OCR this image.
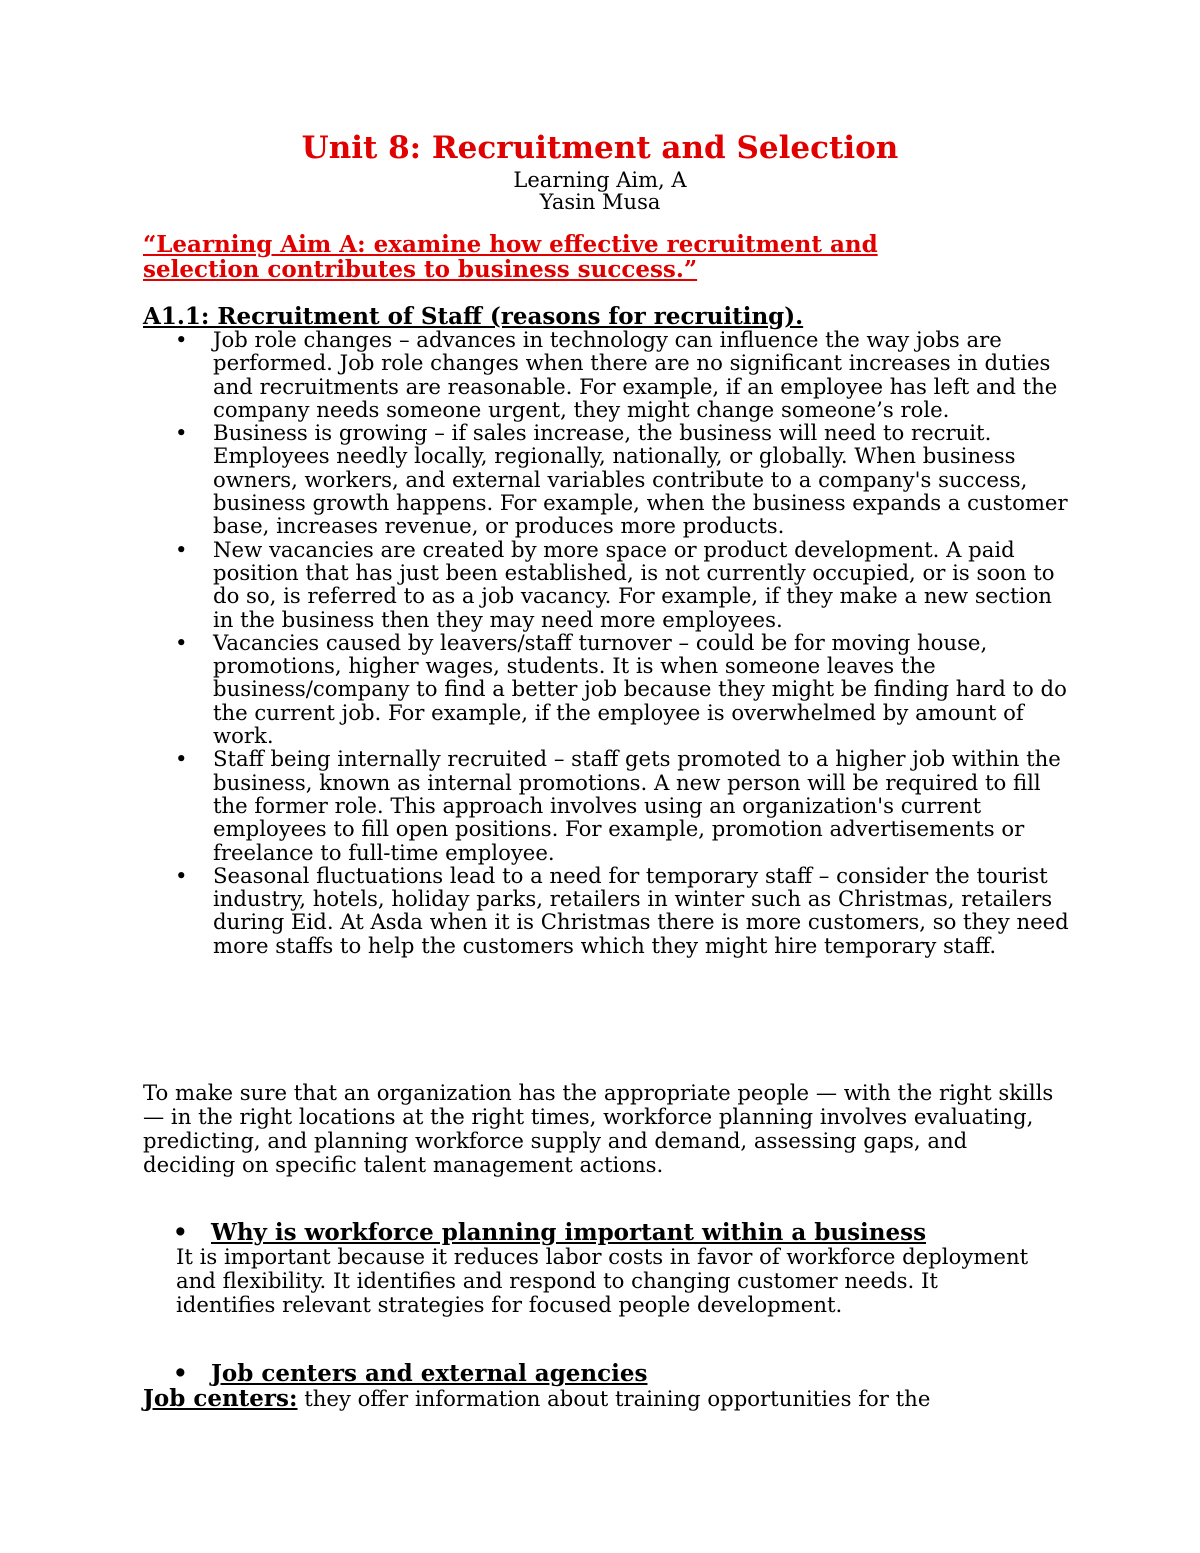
Unit 8: Recruitment and Selection
Learning Aim, A
Yasin Musa
“Learning Aim A: examine how effective recruitment and selection contributes to business success.”
A1.1: Recruitment of Staff (reasons for recruiting).
• Job role changes – advances in technology can influence the way jobs are performed. Job role changes when there are no significant increases in duties and recruitments are reasonable. For example, if an employee has left and the company needs someone urgent, they might change someone’s role.
• Business is growing – if sales increase, the business will need to recruit. Employees needly locally, regionally, nationally, or globally. When business owners, workers, and external variables contribute to a company's success, business growth happens. For example, when the business expands a customer base, increases revenue, or produces more products.
• New vacancies are created by more space or product development. A paid position that has just been established, is not currently occupied, or is soon to do so, is referred to as a job vacancy. For example, if they make a new section in the business then they may need more employees.
• Vacancies caused by leavers/staff turnover – could be for moving house, promotions, higher wages, students. It is when someone leaves the business/company to find a better job because they might be finding hard to do the current job. For example, if the employee is overwhelmed by amount of work.
• Staff being internally recruited – staff gets promoted to a higher job within the business, known as internal promotions. A new person will be required to fill the former role. This approach involves using an organization's current employees to fill open positions. For example, promotion advertisements or freelance to full-time employee.
• Seasonal fluctuations lead to a need for temporary staff – consider the tourist industry, hotels, holiday parks, retailers in winter such as Christmas, retailers during Eid. At Asda when it is Christmas there is more customers, so they need more staffs to help the customers which they might hire temporary staff.
To make sure that an organization has the appropriate people — with the right skills — in the right locations at the right times, workforce planning involves evaluating, predicting, and planning workforce supply and demand, assessing gaps, and deciding on specific talent management actions.
• Why is workforce planning important within a business
It is important because it reduces labor costs in favor of workforce deployment and flexibility. It identifies and respond to changing customer needs. It identifies relevant strategies for focused people development.
• Job centers and external agencies
Job centers: they offer information about training opportunities for the
